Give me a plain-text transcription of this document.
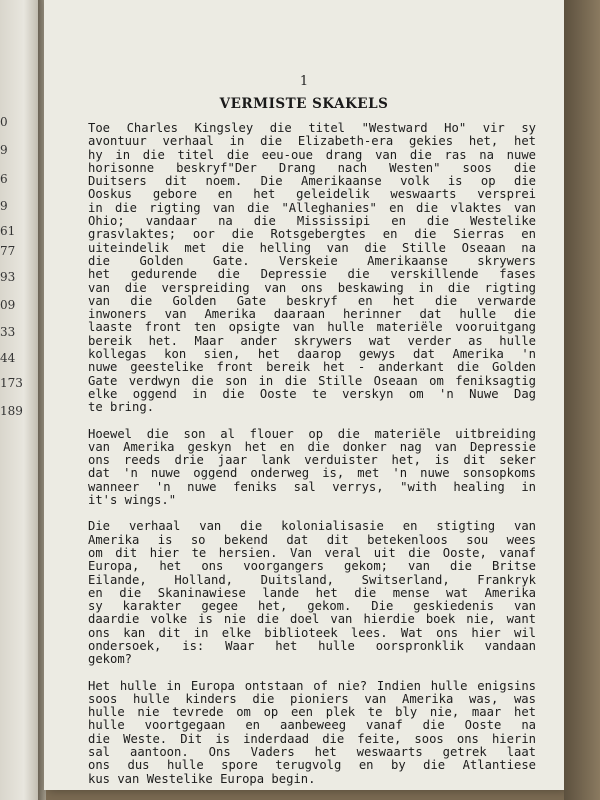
0
9
6
9
61
77
93
09
33
44
173
189
1
VERMISTE SKAKELS

Toe Charles Kingsley die titel "Westward Ho" vir sy
avontuur verhaal in die Elizabeth-era gekies het, het
hy in die titel die eeu-oue drang van die ras na nuwe
horisonne beskryf"Der Drang nach Westen" soos die
Duitsers dit noem. Die Amerikaanse volk is op die
Ooskus gebore en het geleidelik weswaarts versprei
in die rigting van die "Alleghanies" en die vlaktes van
Ohio; vandaar na die Mississipi en die Westelike
grasvlaktes; oor die Rotsgebergtes en die Sierras en
uiteindelik met die helling van die Stille Oseaan na
die Golden Gate. Verskeie Amerikaanse skrywers
het gedurende die Depressie die verskillende fases
van die verspreiding van ons beskawing in die rigting
van die Golden Gate beskryf en het die verwarde
inwoners van Amerika daaraan herinner dat hulle die
laaste front ten opsigte van hulle materiële vooruitgang
bereik het. Maar ander skrywers wat verder as hulle
kollegas kon sien, het daarop gewys dat Amerika 'n
nuwe geestelike front bereik het - anderkant die Golden
Gate verdwyn die son in die Stille Oseaan om feniksagtig
elke oggend in die Ooste te verskyn om 'n Nuwe Dag
te bring.

Hoewel die son al flouer op die materiële uitbreiding
van Amerika geskyn het en die donker nag van Depressie
ons reeds drie jaar lank verduister het, is dit seker
dat 'n nuwe oggend onderweg is, met 'n nuwe sonsopkoms
wanneer 'n nuwe feniks sal verrys, "with healing in
it's wings."

Die verhaal van die kolonialisasie en stigting van
Amerika is so bekend dat dit betekenloos sou wees
om dit hier te hersien. Van veral uit die Ooste, vanaf
Europa, het ons voorgangers gekom; van die Britse
Eilande, Holland, Duitsland, Switserland, Frankryk
en die Skaninawiese lande het die mense wat Amerika
sy karakter gegee het, gekom. Die geskiedenis van
daardie volke is nie die doel van hierdie boek nie, want
ons kan dit in elke biblioteek lees. Wat ons hier wil
ondersoek, is: Waar het hulle oorspronklik vandaan
gekom?

Het hulle in Europa ontstaan of nie? Indien hulle enigsins
soos hulle kinders die pioniers van Amerika was, was
hulle nie tevrede om op een plek te bly nie, maar het
hulle voortgegaan en aanbeweeg vanaf die Ooste na
die Weste. Dit is inderdaad die feite, soos ons hierin
sal aantoon. Ons Vaders het weswaarts getrek laat
ons dus hulle spore terugvolg en by die Atlantiese
kus van Westelike Europa begin.
